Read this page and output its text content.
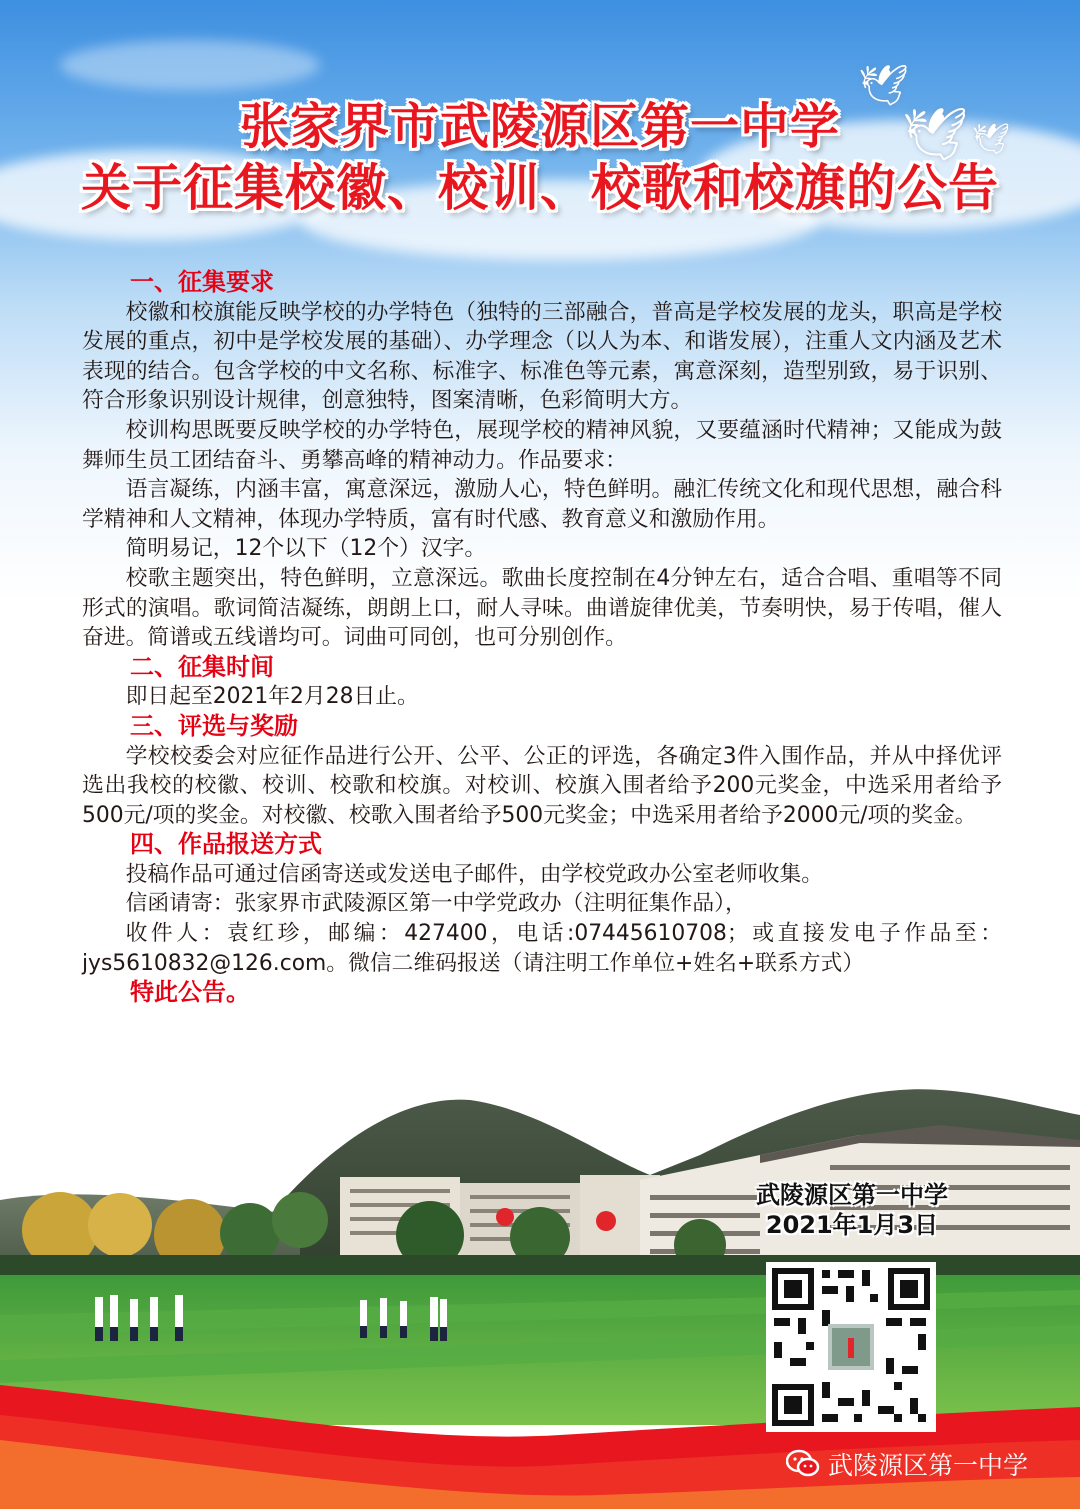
🕊
🕊 🕊
张家界市武陵源区第一中学
关于征集校徽、校训、校歌和校旗的公告
一、征集要求

校徽和校旗能反映学校的办学特色（独特的三部融合，普高是学校发展的龙头，职高是学校发展的重点，初中是学校发展的基础）、办学理念（以人为本、和谐发展），注重人文内涵及艺术表现的结合。包含学校的中文名称、标准字、标准色等元素，寓意深刻，造型别致，易于识别、符合形象识别设计规律，创意独特，图案清晰，色彩简明大方。

校训构思既要反映学校的办学特色，展现学校的精神风貌，又要蕴涵时代精神；又能成为鼓舞师生员工团结奋斗、勇攀高峰的精神动力。作品要求：

语言凝练，内涵丰富，寓意深远，激励人心，特色鲜明。融汇传统文化和现代思想，融合科学精神和人文精神，体现办学特质，富有时代感、教育意义和激励作用。

简明易记，12个以下（12个）汉字。

校歌主题突出，特色鲜明，立意深远。歌曲长度控制在4分钟左右，适合合唱、重唱等不同形式的演唱。歌词简洁凝练，朗朗上口，耐人寻味。曲谱旋律优美，节奏明快，易于传唱，催人奋进。简谱或五线谱均可。词曲可同创，也可分别创作。

二、征集时间

即日起至2021年2月28日止。

三、评选与奖励

学校校委会对应征作品进行公开、公平、公正的评选，各确定3件入围作品，并从中择优评选出我校的校徽、校训、校歌和校旗。对校训、校旗入围者给予200元奖金，中选采用者给予500元/项的奖金。对校徽、校歌入围者给予500元奖金；中选采用者给予2000元/项的奖金。

四、作品报送方式

投稿作品可通过信函寄送或发送电子邮件，由学校党政办公室老师收集。

信函请寄：张家界市武陵源区第一中学党政办（注明征集作品），

收件人：袁红珍，邮编：427400，电话:07445610708；或直接发电子作品至：jys5610832@126.com。微信二维码报送（请注明工作单位+姓名+联系方式）

特此公告。
武陵源区第一中学
2021年1月3日
武陵源区第一中学
